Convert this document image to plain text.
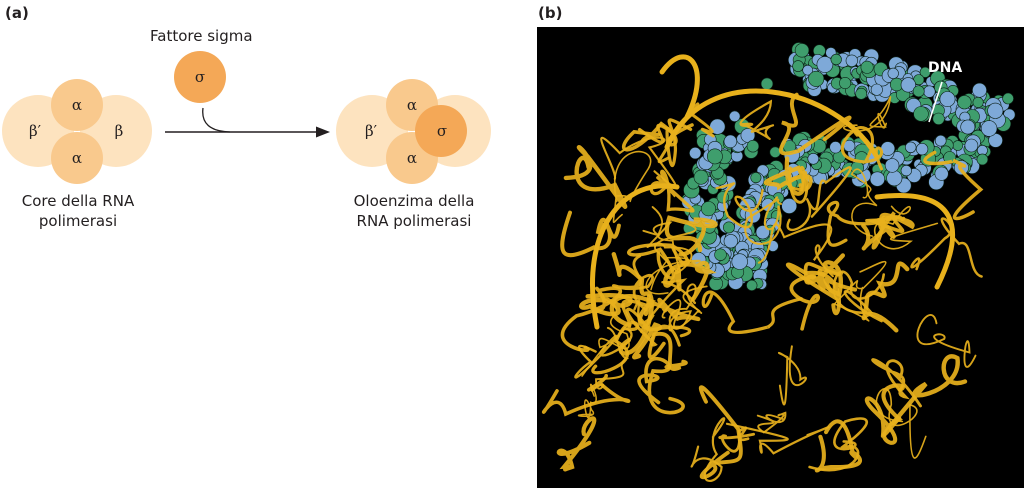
(a)	(b)
Fattore sigma
σ
α
α
β′	β
Core della RNA
polimerasi
α
α
β′	σ
Oloenzima della
RNA polimerasi
DNA
